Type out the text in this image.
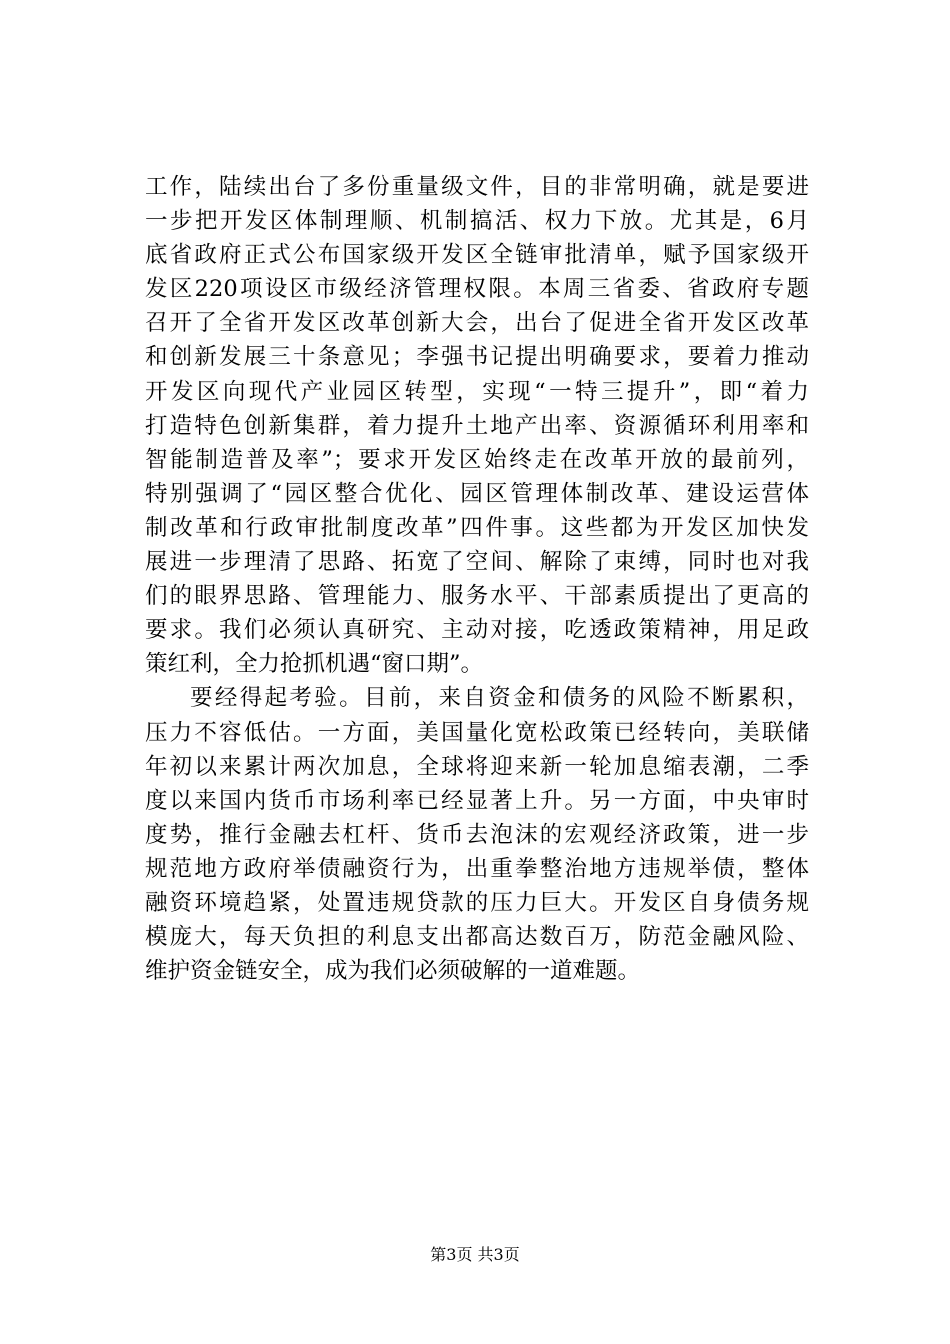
工作，陆续出台了多份重量级文件，目的非常明确，就是要进
一步把开发区体制理顺、机制搞活、权力下放。尤其是，6月
底省政府正式公布国家级开发区全链审批清单，赋予国家级开
发区220项设区市级经济管理权限。本周三省委、省政府专题
召开了全省开发区改革创新大会，出台了促进全省开发区改革
和创新发展三十条意见；李强书记提出明确要求，要着力推动
开发区向现代产业园区转型，实现“一特三提升”，即“着力
打造特色创新集群，着力提升土地产出率、资源循环利用率和
智能制造普及率”；要求开发区始终走在改革开放的最前列，
特别强调了“园区整合优化、园区管理体制改革、建设运营体
制改革和行政审批制度改革”四件事。这些都为开发区加快发
展进一步理清了思路、拓宽了空间、解除了束缚，同时也对我
们的眼界思路、管理能力、服务水平、干部素质提出了更高的
要求。我们必须认真研究、主动对接，吃透政策精神，用足政
策红利，全力抢抓机遇“窗口期”。
要经得起考验。目前，来自资金和债务的风险不断累积，
压力不容低估。一方面，美国量化宽松政策已经转向，美联储
年初以来累计两次加息，全球将迎来新一轮加息缩表潮，二季
度以来国内货币市场利率已经显著上升。另一方面，中央审时
度势，推行金融去杠杆、货币去泡沫的宏观经济政策，进一步
规范地方政府举债融资行为，出重拳整治地方违规举债，整体
融资环境趋紧，处置违规贷款的压力巨大。开发区自身债务规
模庞大，每天负担的利息支出都高达数百万，防范金融风险、
维护资金链安全，成为我们必须破解的一道难题。
第3页 共3页
